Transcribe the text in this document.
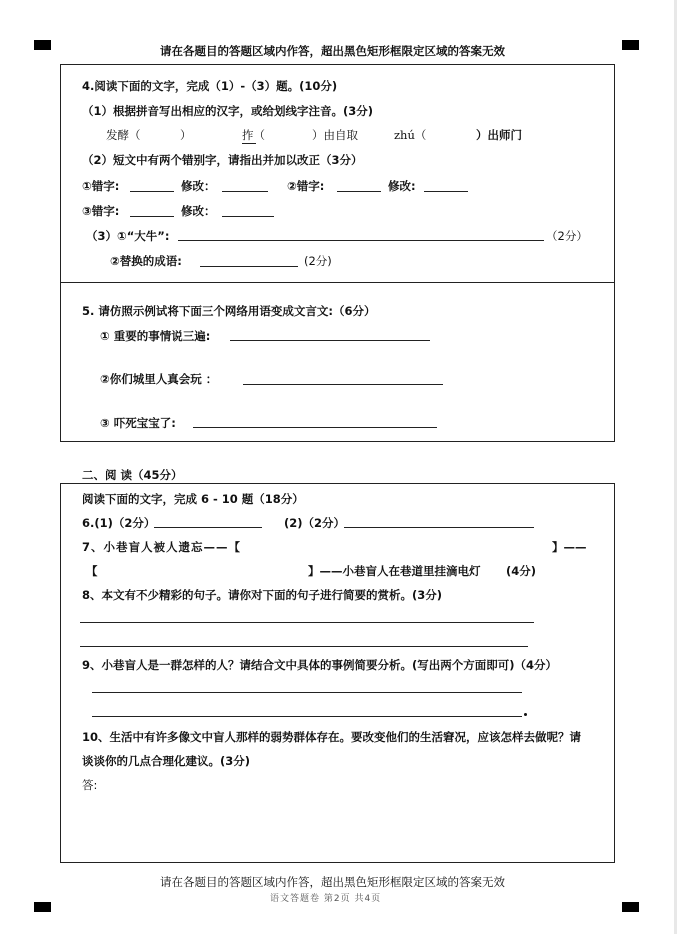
请在各题目的答题区域内作答，超出黑色矩形框限定区域的答案无效
4.阅读下面的文字，完成（1）-（3）题。(10分)
（1）根据拼音写出相应的汉字，或给划线字注音。(3分)
发酵（	）	拃（	）由自取	zhú（	）出师门
（2）短文中有两个错别字，请指出并加以改正（3分）
①错字:	修改：	②错字:	修改:
③错字:	修改：
（3）①“大牛”:	（2分）
②替换的成语:	(2分)
5. 请仿照示例试将下面三个网络用语变成文言文:（6分）
① 重要的事情说三遍:
②你们城里人真会玩 ：
③ 吓死宝宝了:
二、阅 读（45分）
阅读下面的文字，完成 6 - 10 题（18分）
6.(1)（2分）	(2)（2分）
7、小巷盲人被人遗忘——【	】——
【	】——小巷盲人在巷道里挂滴电灯 (4分)
8、本文有不少精彩的句子。请你对下面的句子进行简要的赏析。(3分)
9、小巷盲人是一群怎样的人？请结合文中具体的事例简要分析。(写出两个方面即可)（4分）
10、生活中有许多像文中盲人那样的弱势群体存在。要改变他们的生活窘况，应该怎样去做呢？请
谈谈你的几点合理化建议。(3分)
答:
请在各题目的答题区域内作答，超出黑色矩形框限定区域的答案无效
语文答题卷 第2页 共4页
